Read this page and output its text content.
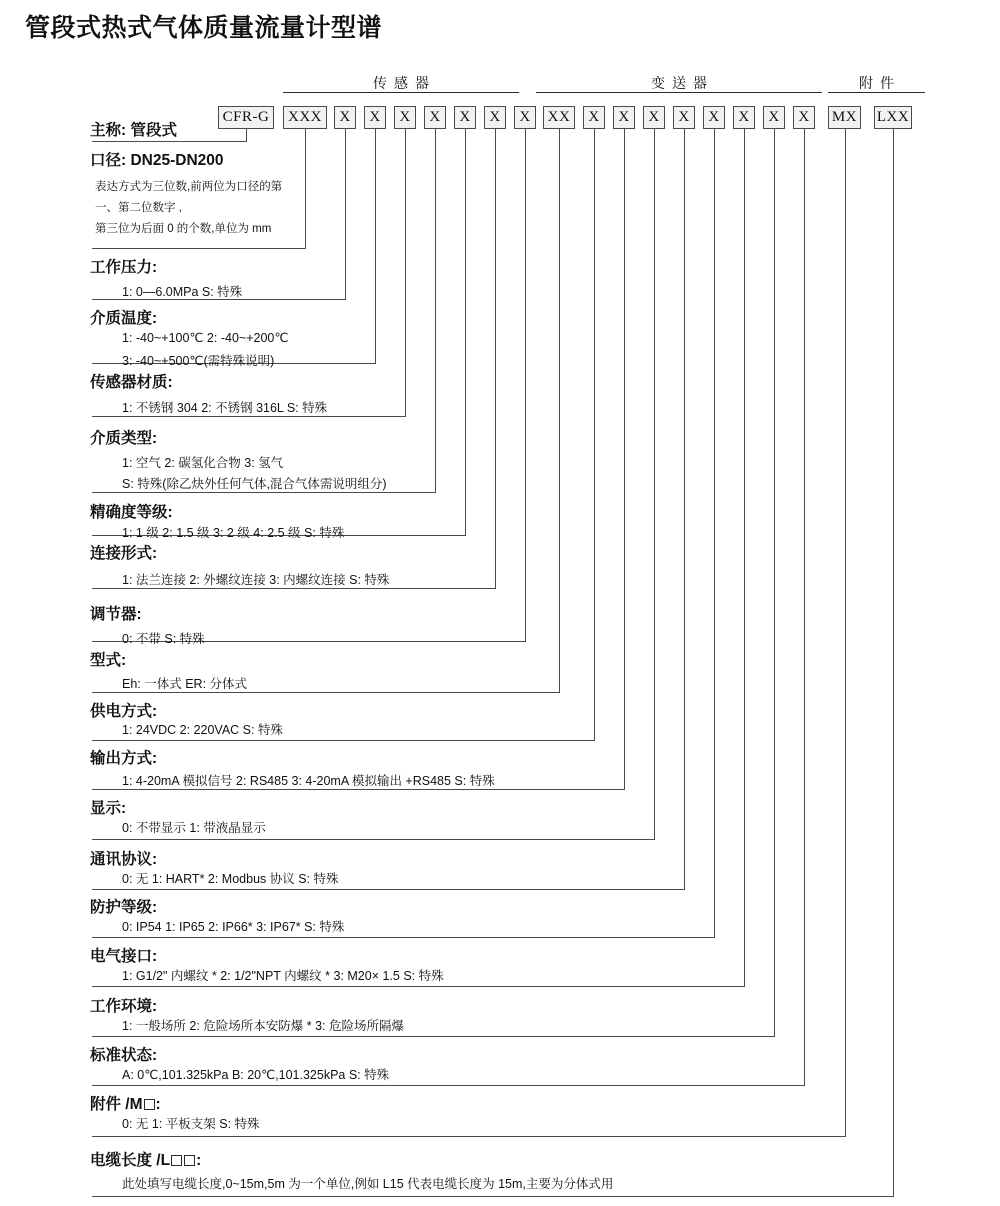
管段式热式气体质量流量计型谱
传感器	变送器	附件
CFR-G	XXX	X	X	X	X	X	X	X	XX	X	X	X	X	X	X	X	X	MX LXX
主称: 管段式
口径: DN25-DN200
表达方式为三位数,前两位为口径的第
一、第二位数字 ,
第三位为后面 0 的个数,单位为 mm
工作压力:
1: 0—6.0MPa S: 特殊
介质温度:
1: -40~+100℃ 2: -40~+200℃
3: -40~+500℃(需特殊说明)
传感器材质:
1: 不锈钢 304 2: 不锈钢 316L S: 特殊
介质类型:
1: 空气 2: 碳氢化合物 3: 氢气
S: 特殊(除乙炔外任何气体,混合气体需说明组分)
精确度等级:
1: 1 级 2: 1.5 级 3: 2 级 4: 2.5 级 S: 特殊
连接形式:
1: 法兰连接 2: 外螺纹连接 3: 内螺纹连接 S: 特殊
调节器:
0: 不带 S: 特殊
型式:
Eh: 一体式 ER: 分体式
供电方式:
1: 24VDC 2: 220VAC S: 特殊
输出方式:
1: 4-20mA 模拟信号 2: RS485 3: 4-20mA 模拟输出 +RS485 S: 特殊
显示:
0: 不带显示 1: 带液晶显示
通讯协议:
0: 无 1: HART* 2: Modbus 协议 S: 特殊
防护等级:
0: IP54 1: IP65 2: IP66* 3: IP67* S: 特殊
电气接口:
1: G1/2" 内螺纹 * 2: 1/2"NPT 内螺纹 * 3: M20× 1.5 S: 特殊
工作环境:
1: 一般场所 2: 危险场所本安防爆 * 3: 危险场所隔爆
标准状态:
A: 0℃,101.325kPa B: 20℃,101.325kPa S: 特殊
附件 /M :
0: 无 1: 平板支架 S: 特殊
电缆长度 /L :
此处填写电缆长度,0~15m,5m 为一个单位,例如 L15 代表电缆长度为 15m,主要为分体式用
